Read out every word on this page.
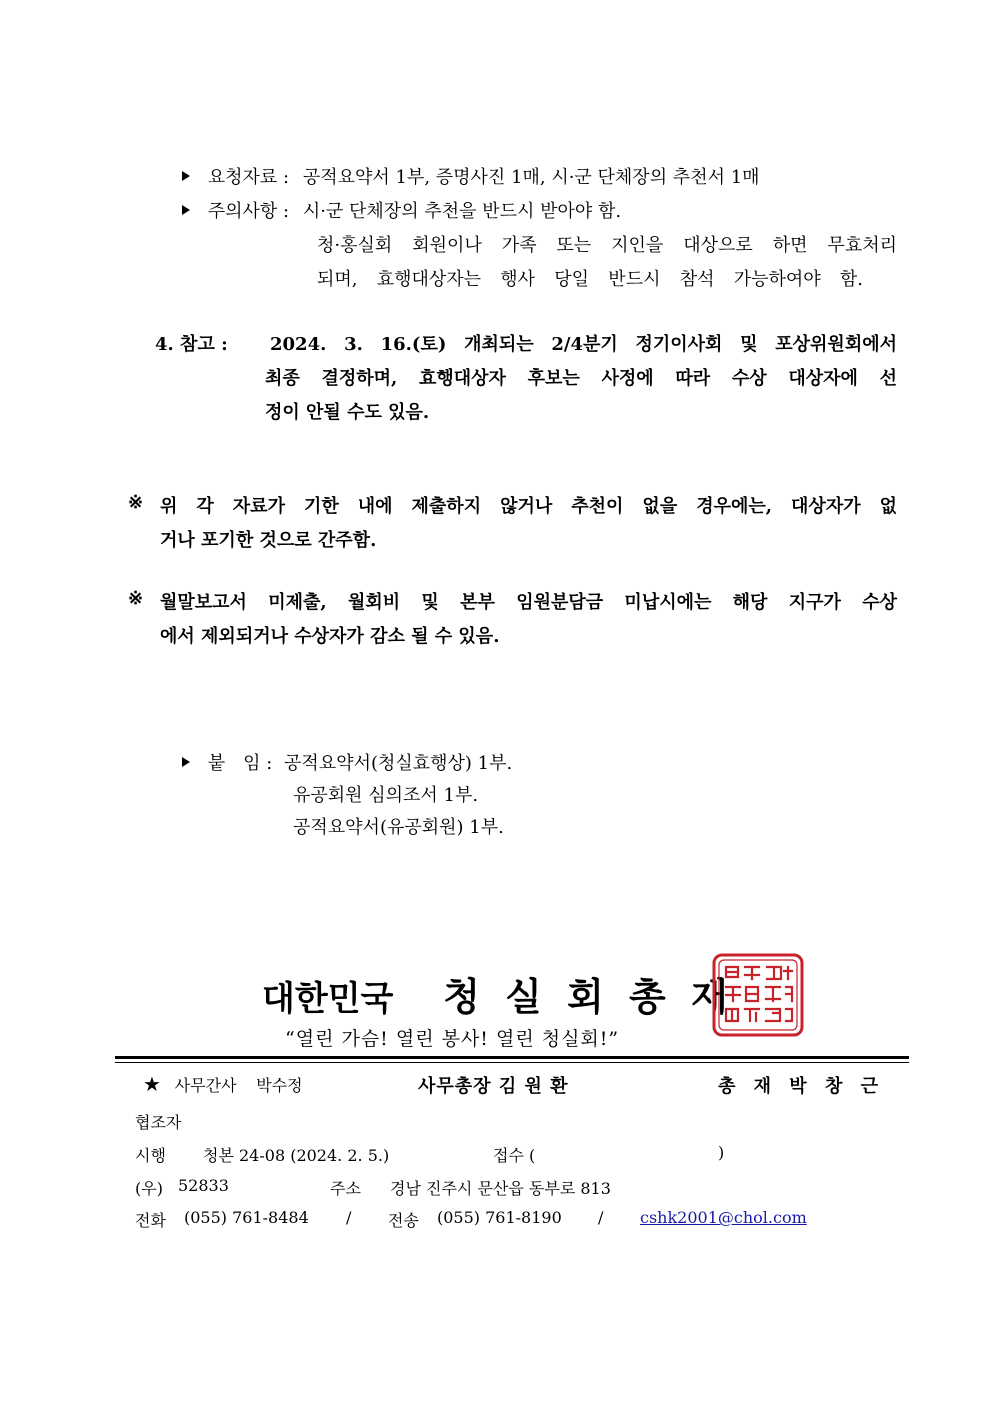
요청자료 : 공적요약서 1부, 증명사진 1매, 시·군 단체장의 추천서 1매
주의사항 : 시·군 단체장의 추천을 반드시 받아야 함.
청·홍실회 회원이나 가족 또는 지인을 대상으로 하면 무효처리
되며, 효행대상자는 행사 당일 반드시 참석 가능하여야 함.
4. 참고 : 2024. 3. 16.(토) 개최되는 2/4분기 정기이사회 및 포상위원회에서
최종 결정하며, 효행대상자 후보는 사정에 따라 수상 대상자에 선
정이 안될 수도 있음.
※ 위 각 자료가 기한 내에 제출하지 않거나 추천이 없을 경우에는, 대상자가 없
거나 포기한 것으로 간주함.
※ 월말보고서 미제출, 월회비 및 본부 임원분담금 미납시에는 해당 지구가 수상
에서 제외되거나 수상자가 감소 될 수 있음.
붙　임 : 공적요약서(청실효행상) 1부.
유공회원 심의조서 1부.
공적요약서(유공회원) 1부.
대한민국 청 실 회 총 재
“열린 가슴! 열린 봉사! 열린 청실회!”
★ 사무간사 박수정	사무총장 김 원 환	총 재 박 창 근
협조자
시행 청본 24-08 (2024. 2. 5.)	접수 (	)
(우) 52833	주소 경남 진주시 문산읍 동부로 813
전화 (055) 761-8484 / 전송 (055) 761-8190 / cshk2001@chol.com
